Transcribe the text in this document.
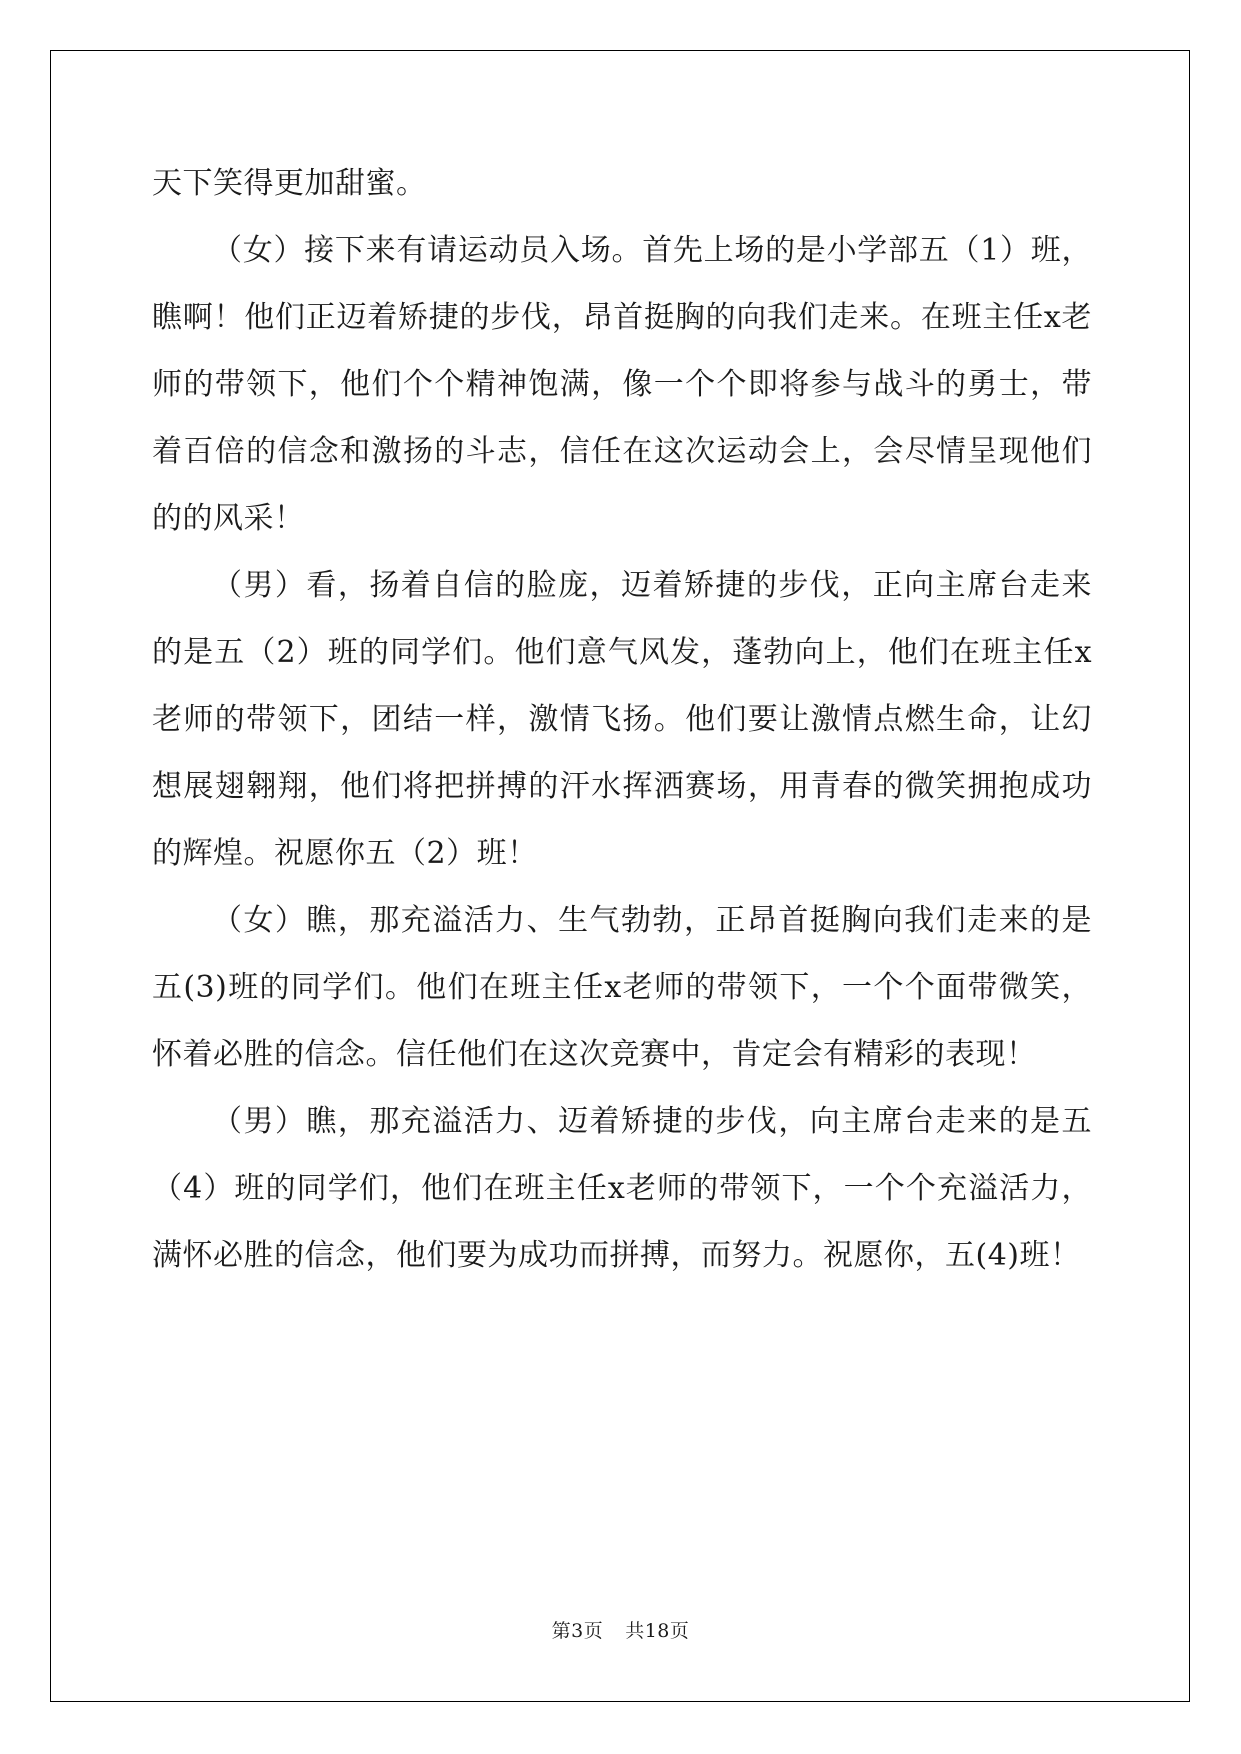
天下笑得更加甜蜜。

（女）接下来有请运动员入场。首先上场的是小学部五（1）班，瞧啊！他们正迈着矫捷的步伐，昂首挺胸的向我们走来。在班主任x老师的带领下，他们个个精神饱满，像一个个即将参与战斗的勇士，带着百倍的信念和激扬的斗志，信任在这次运动会上，会尽情呈现他们的的风采！

（男）看，扬着自信的脸庞，迈着矫捷的步伐，正向主席台走来的是五（2）班的同学们。他们意气风发，蓬勃向上，他们在班主任x老师的带领下，团结一样，激情飞扬。他们要让激情点燃生命，让幻想展翅翱翔，他们将把拼搏的汗水挥洒赛场，用青春的微笑拥抱成功的辉煌。祝愿你五（2）班！

（女）瞧，那充溢活力、生气勃勃，正昂首挺胸向我们走来的是五(3)班的同学们。他们在班主任x老师的带领下，一个个面带微笑，怀着必胜的信念。信任他们在这次竞赛中，肯定会有精彩的表现！

（男）瞧，那充溢活力、迈着矫捷的步伐，向主席台走来的是五（4）班的同学们，他们在班主任x老师的带领下，一个个充溢活力，满怀必胜的信念，他们要为成功而拼搏，而努力。祝愿你，五(4)班！

第3页 共18页
